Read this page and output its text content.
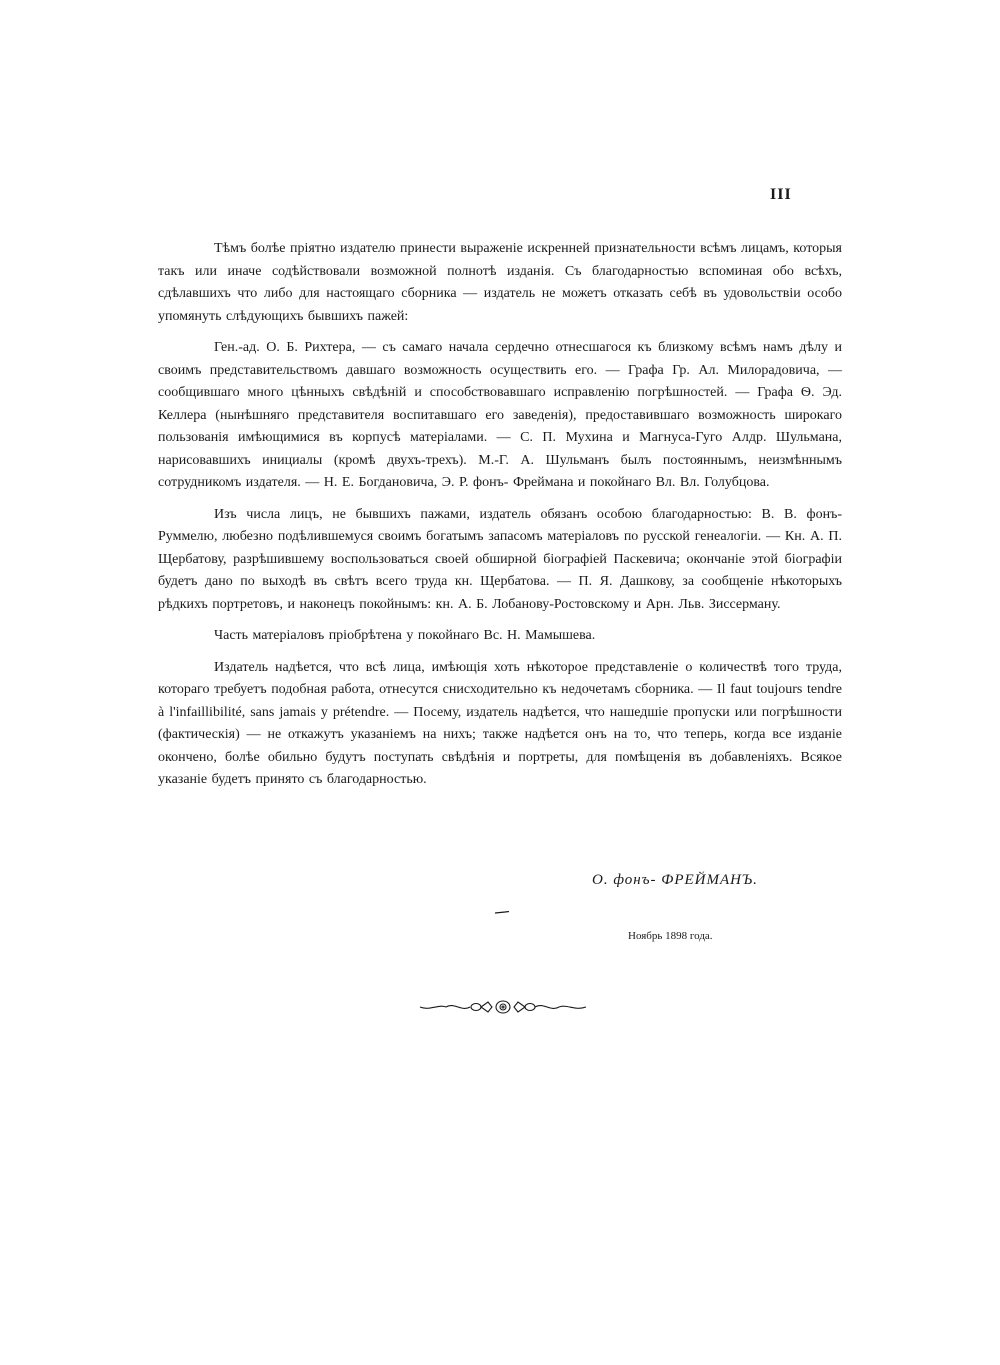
III

Тѣмъ болѣе пріятно издателю принести выраженіе искренней признательности всѣмъ лицамъ, которыя такъ или иначе содѣйствовали возможной полнотѣ изданія. Съ благодарностью вспоминая обо всѣхъ, сдѣлавшихъ что либо для настоящаго сборника — издатель не можетъ отказать себѣ въ удовольствіи особо упомянуть слѣдующихъ бывшихъ пажей:

Ген.-ад. О. Б. Рихтера, — съ самаго начала сердечно отнесшагося къ близкому всѣмъ намъ дѣлу и своимъ представительствомъ давшаго возможность осуществить его. — Графа Гр. Ал. Милорадовича, — сообщившаго много цѣнныхъ свѣдѣній и способствовавшаго исправленію погрѣшностей. — Графа Ѳ. Эд. Келлера (нынѣшняго представителя воспитавшаго его заведенія), предоставившаго возможность широкаго пользованія имѣющимися въ корпусѣ матеріалами. — С. П. Мухина и Магнуса-Гуго Алдр. Шульмана, нарисовавшихъ инициалы (кромѣ двухъ-трехъ). М.-Г. А. Шульманъ былъ постояннымъ, неизмѣннымъ сотрудникомъ издателя. — Н. Е. Богдановича, Э. Р. фонъ- Фреймана и покойнаго Вл. Вл. Голубцова.

Изъ числа лицъ, не бывшихъ пажами, издатель обязанъ особою благодарностью: В. В. фонъ- Руммелю, любезно подѣлившемуся своимъ богатымъ запасомъ матеріаловъ по русской генеалогіи. — Кн. А. П. Щербатову, разрѣшившему воспользоваться своей обширной біографіей Паскевича; окончаніе этой біографіи будетъ дано по выходѣ въ свѣтъ всего труда кн. Щербатова. — П. Я. Дашкову, за сообщеніе нѣкоторыхъ рѣдкихъ портретовъ, и наконецъ покойнымъ: кн. А. Б. Лобанову-Ростовскому и Арн. Льв. Зиссерману.

Часть матеріаловъ пріобрѣтена у покойнаго Вс. Н. Мамышева.

Издатель надѣется, что всѣ лица, имѣющія хоть нѣкоторое представленіе о количествѣ того труда, котораго требуетъ подобная работа, отнесутся снисходительно къ недочетамъ сборника. — Il faut toujours tendre à l'infaillibilité, sans jamais y prétendre. — Посему, издатель надѣется, что нашедшіе пропуски или погрѣшности (фактическія) — не откажутъ указаніемъ на нихъ; также надѣется онъ на то, что теперь, когда все изданіе окончено, болѣе обильно будутъ поступать свѣдѣнія и портреты, для помѣщенія въ добавленіяхъ. Всякое указаніе будетъ принято съ благодарностью.

О. фонъ- ФРЕЙМАНЪ.
Ноябрь 1898 года.
